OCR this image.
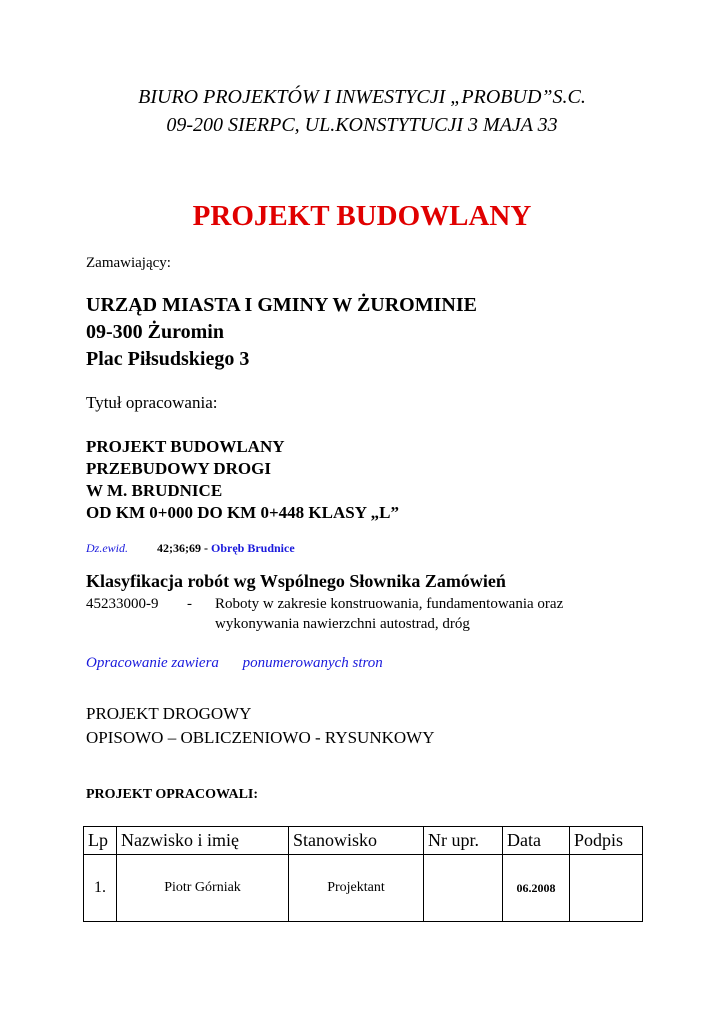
BIURO PROJEKTÓW I INWESTYCJI „PROBUD”S.C.
09-200 SIERPC, UL.KONSTYTUCJI 3 MAJA 33
PROJEKT BUDOWLANY
Zamawiający:
URZĄD MIASTA I GMINY W ŻUROMINIE
09-300 Żuromin
Plac Piłsudskiego 3
Tytuł opracowania:
PROJEKT BUDOWLANY
PRZEBUDOWY DROGI
W M. BRUDNICE
OD KM 0+000 DO KM 0+448 KLASY „L”
Dz.ewid. 42;36;69 - Obręb Brudnice
Klasyfikacja robót wg Wspólnego Słownika Zamówień
45233000-9 - Roboty w zakresie konstruowania, fundamentowania oraz
wykonywania nawierzchni autostrad, dróg
Opracowanie zawiera ponumerowanych stron
PROJEKT DROGOWY
OPISOWO – OBLICZENIOWO - RYSUNKOWY
PROJEKT OPRACOWALI:
Lp	Nazwisko i imię	Stanowisko	Nr upr.	Data	Podpis
1.	Piotr Górniak	Projektant		06.2008	
